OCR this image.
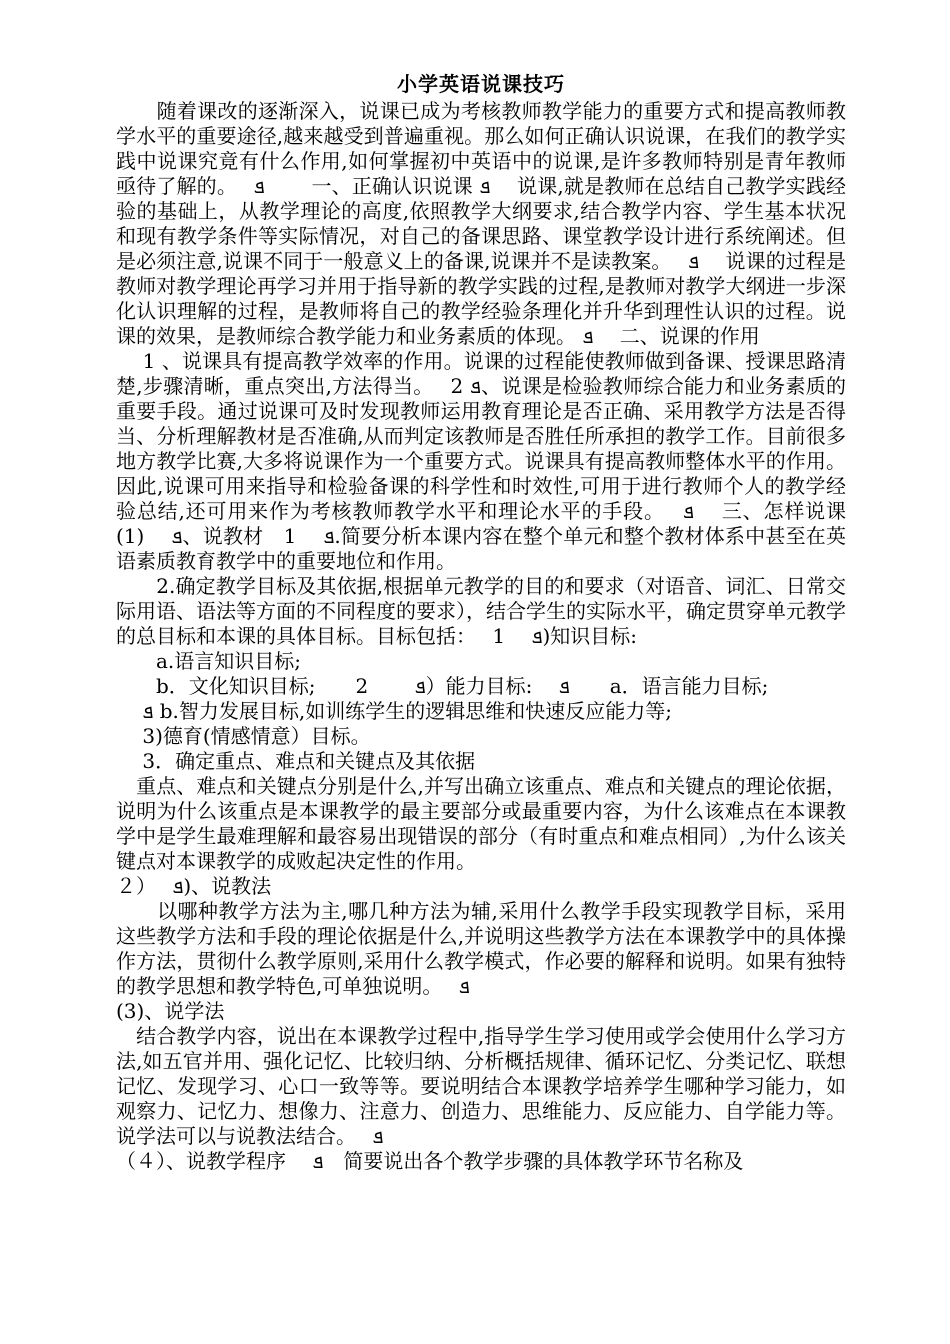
小学英语说课技巧

　　随着课改的逐渐深入，说课已成为考核教师教学能力的重要方式和提高教师教学水平的重要途径,越来越受到普遍重视。那么如何正确认识说课，在我们的教学实践中说课究竟有什么作用,如何掌握初中英语中的说课,是许多教师特别是青年教师亟待了解的。　 ܦ 　　一、正确认识说课 ܦ 　说课,就是教师在总结自己教学实践经验的基础上，从教学理论的高度,依照教学大纲要求,结合教学内容、学生基本状况和现有教学条件等实际情况，对自己的备课思路、课堂教学设计进行系统阐述。但是必须注意,说课不同于一般意义上的备课,说课并不是读教案。　 ܦ 　说课的过程是教师对教学理论再学习并用于指导新的教学实践的过程,是教师对教学大纲进一步深化认识理解的过程，是教师将自己的教学经验条理化并升华到理性认识的过程。说课的效果，是教师综合教学能力和业务素质的体现。 ܦ 　二、说课的作用

　 1 、说课具有提高教学效率的作用。说课的过程能使教师做到备课、授课思路清楚,步骤清晰，重点突出,方法得当。　 2 ܦ、说课是检验教师综合能力和业务素质的重要手段。通过说课可及时发现教师运用教育理论是否正确、采用教学方法是否得当、分析理解教材是否准确,从而判定该教师是否胜任所承担的教学工作。目前很多地方教学比赛,大多将说课作为一个重要方式。说课具有提高教师整体水平的作用。因此,说课可用来指导和检验备课的科学性和时效性,可用于进行教师个人的教学经验总结,还可用来作为考核教师教学水平和理论水平的手段。　 ܦ 　三、怎样说课　(1)　 ܦ、说教材　1　 ܦ.简要分析本课内容在整个单元和整个教材体系中甚至在英语素质教育教学中的重要地位和作用。

　　2.确定教学目标及其依据,根据单元教学的目的和要求（对语音、词汇、日常交际用语、语法等方面的不同程度的要求），结合学生的实际水平，确定贯穿单元教学的总目标和本课的具体目标。目标包括：　 1　 ܦ)知识目标:

　　a.语言知识目标;

　　b．文化知识目标;　　2　　 ܦ）能力目标:　 ܦ　　a．语言能力目标;

　 ܦ b.智力发展目标,如训练学生的逻辑思维和快速反应能力等;

　 3)德育(情感情意）目标。

　 3．确定重点、难点和关键点及其依据

　重点、难点和关键点分别是什么,并写出确立该重点、难点和关键点的理论依据，说明为什么该重点是本课教学的最主要部分或最重要内容，为什么该难点在本课教学中是学生最难理解和最容易出现错误的部分（有时重点和难点相同）,为什么该关键点对本课教学的成败起决定性的作用。

２）　 ܦ)、说教法

　　以哪种教学方法为主,哪几种方法为辅,采用什么教学手段实现教学目标，采用这些教学方法和手段的理论依据是什么,并说明这些教学方法在本课教学中的具体操作方法，贯彻什么教学原则,采用什么教学模式，作必要的解释和说明。如果有独特的教学思想和教学特色,可单独说明。　 ܦ

(3)、说学法

　结合教学内容，说出在本课教学过程中,指导学生学习使用或学会使用什么学习方法,如五官并用、强化记忆、比较归纳、分析概括规律、循环记忆、分类记忆、联想记忆、发现学习、心口一致等等。要说明结合本课教学培养学生哪种学习能力，如观察力、记忆力、想像力、注意力、创造力、思维能力、反应能力、自学能力等。说学法可以与说教法结合。　 ܦ

（４）、说教学程序　 ܦ　简要说出各个教学步骤的具体教学环节名称及
